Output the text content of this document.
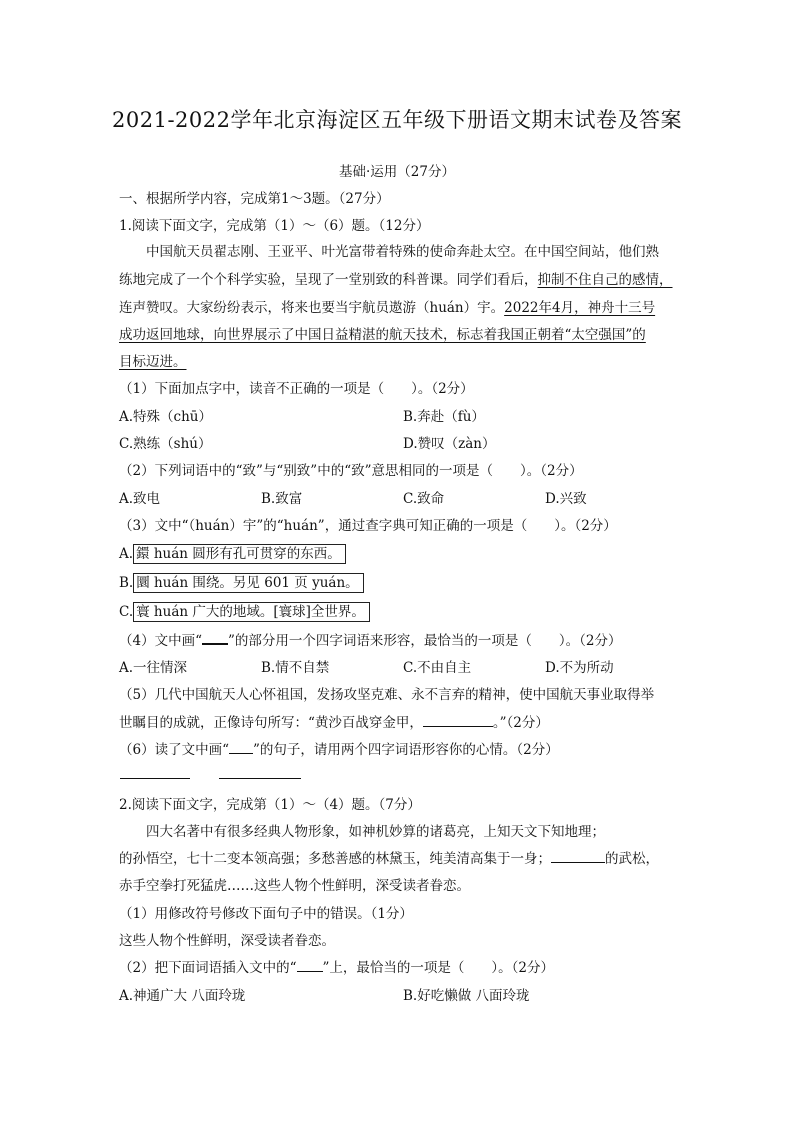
2021-2022学年北京海淀区五年级下册语文期末试卷及答案
基础·运用（27分）
一、根据所学内容，完成第1～3题。（27分）
1.阅读下面文字，完成第（1）～（6）题。（12分）
中国航天员翟志刚、王亚平、叶光富带着特殊的使命奔赴太空。在中国空间站，他们熟
练地完成了一个个科学实验，呈现了一堂别致的科普课。同学们看后，抑制不住自己的感情，
连声赞叹。大家纷纷表示，将来也要当宇航员遨游（huán）宇。2022年4月，神舟十三号
成功返回地球，向世界展示了中国日益精湛的航天技术，标志着我国正朝着“太空强国”的
目标迈进。
（1）下面加点字中，读音不正确的一项是（　　）。（2分）
A.特殊（chū）	B.奔赴（fù）
C.熟练（shú）	D.赞叹（zàn）
（2）下列词语中的“致”与“别致”中的“致”意思相同的一项是（　　）。（2分）
A.致电	B.致富	C.致命	D.兴致
（3）文中“（huán）宇”的“huán”，通过查字典可知正确的一项是（　　）。（2分）
A. 鐶 huán 圆形有孔可贯穿的东西。
B. 圜 huán 围绕。另见 601 页 yuán。
C. 寰 huán 广大的地域。[寰球]全世界。
（4）文中画“ ”的部分用一个四字词语来形容，最恰当的一项是（　　）。（2分）
A.一往情深	B.情不自禁	C.不由自主	D.不为所动
（5）几代中国航天人心怀祖国，发扬攻坚克难、永不言弃的精神，使中国航天事业取得举
世瞩目的成就，正像诗句所写：“黄沙百战穿金甲，	。”（2分）
（6）读了文中画“ ”的句子，请用两个四字词语形容你的心情。（2分）
2.阅读下面文字，完成第（1）～（4）题。（7分）
四大名著中有很多经典人物形象，如神机妙算的诸葛亮，上知天文下知地理；
的孙悟空，七十二变本领高强；多愁善感的林黛玉，纯美清高集于一身；	的武松，
赤手空拳打死猛虎……这些人物个性鲜明，深受读者眷恋。
（1）用修改符号修改下面句子中的错误。（1分）
这些人物个性鲜明，深受读者眷恋。
（2）把下面词语插入文中的“ ”上，最恰当的一项是（　　）。（2分）
A.神通广大 八面玲珑	B.好吃懒做 八面玲珑
